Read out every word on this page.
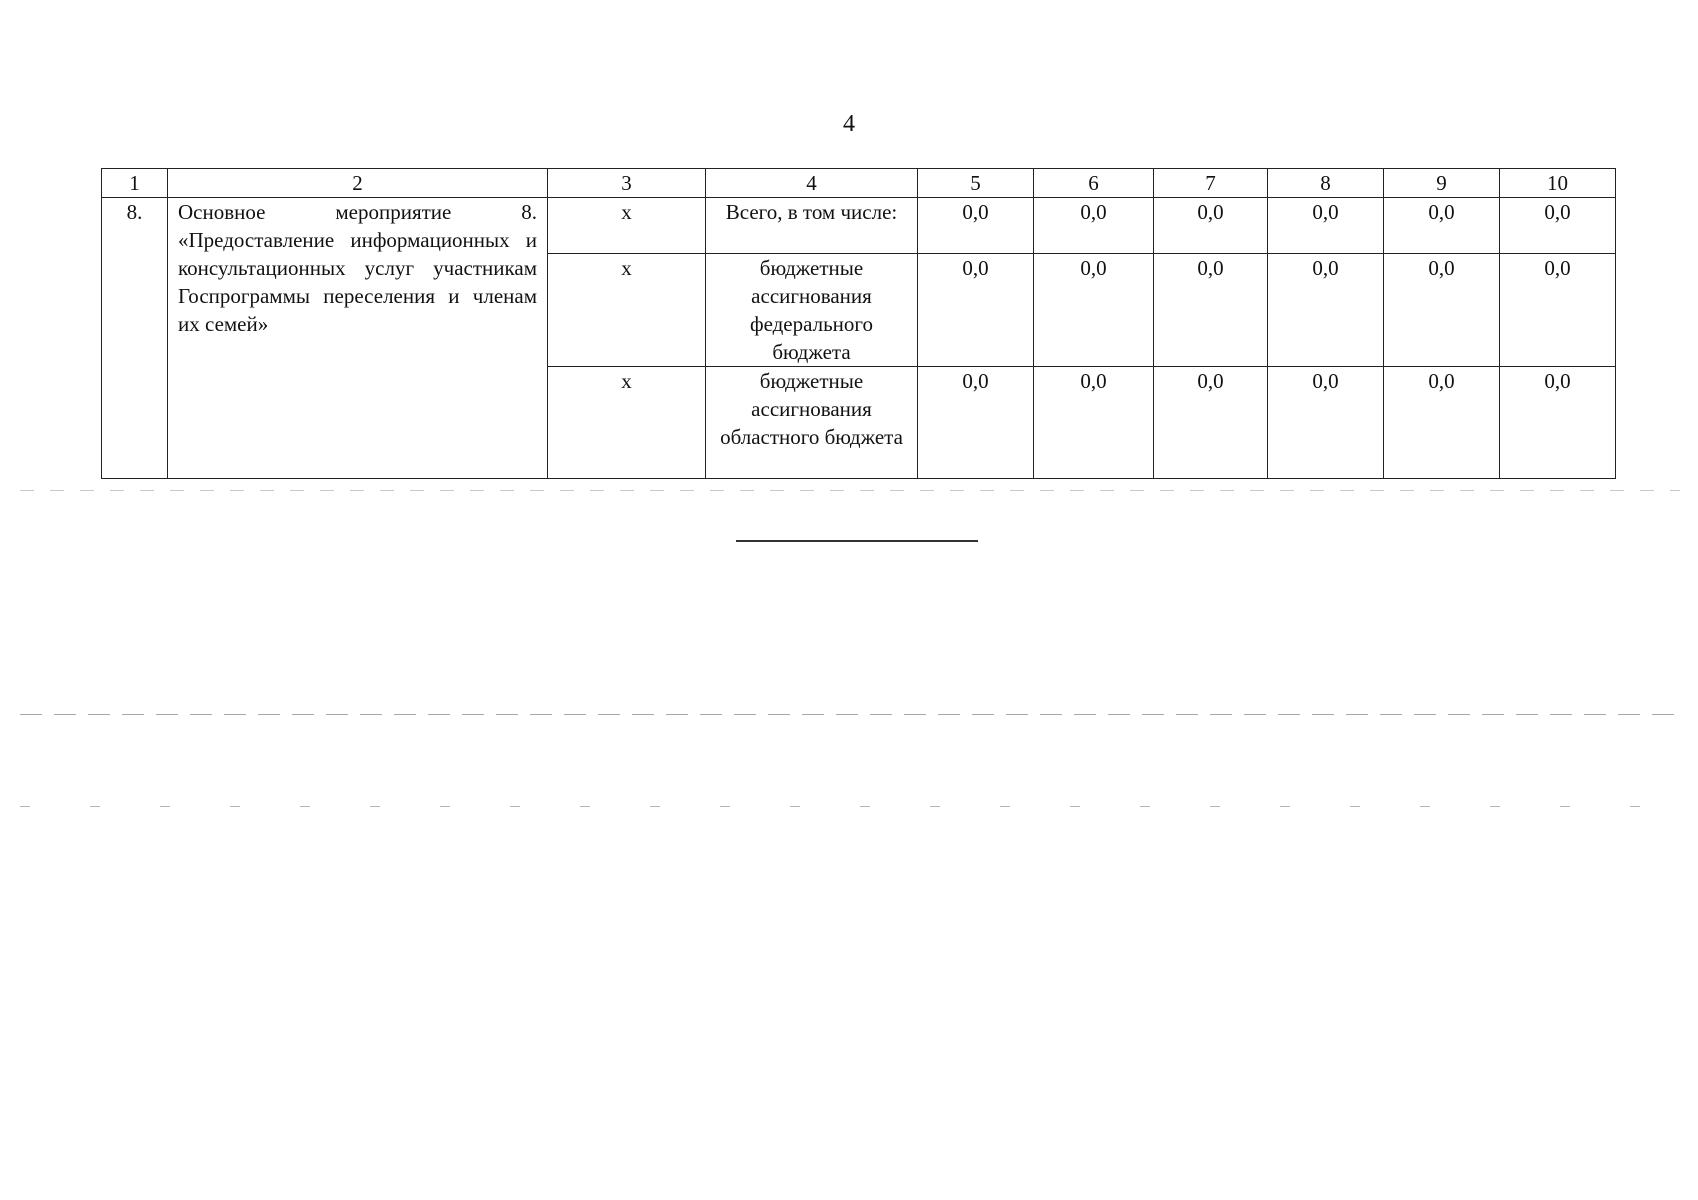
4
1	2	3	4	5	6	7	8	9	10
8.	Основное мероприятие 8. «Предоставление информационных и консультационных услуг участникам Госпрограммы переселения и членам их семей»	х	Всего, в том числе:	0,0	0,0	0,0	0,0	0,0	0,0
		х	бюджетные ассигнования федерального бюджета	0,0	0,0	0,0	0,0	0,0	0,0
		х	бюджетные ассигнования областного бюджета	0,0	0,0	0,0	0,0	0,0	0,0
